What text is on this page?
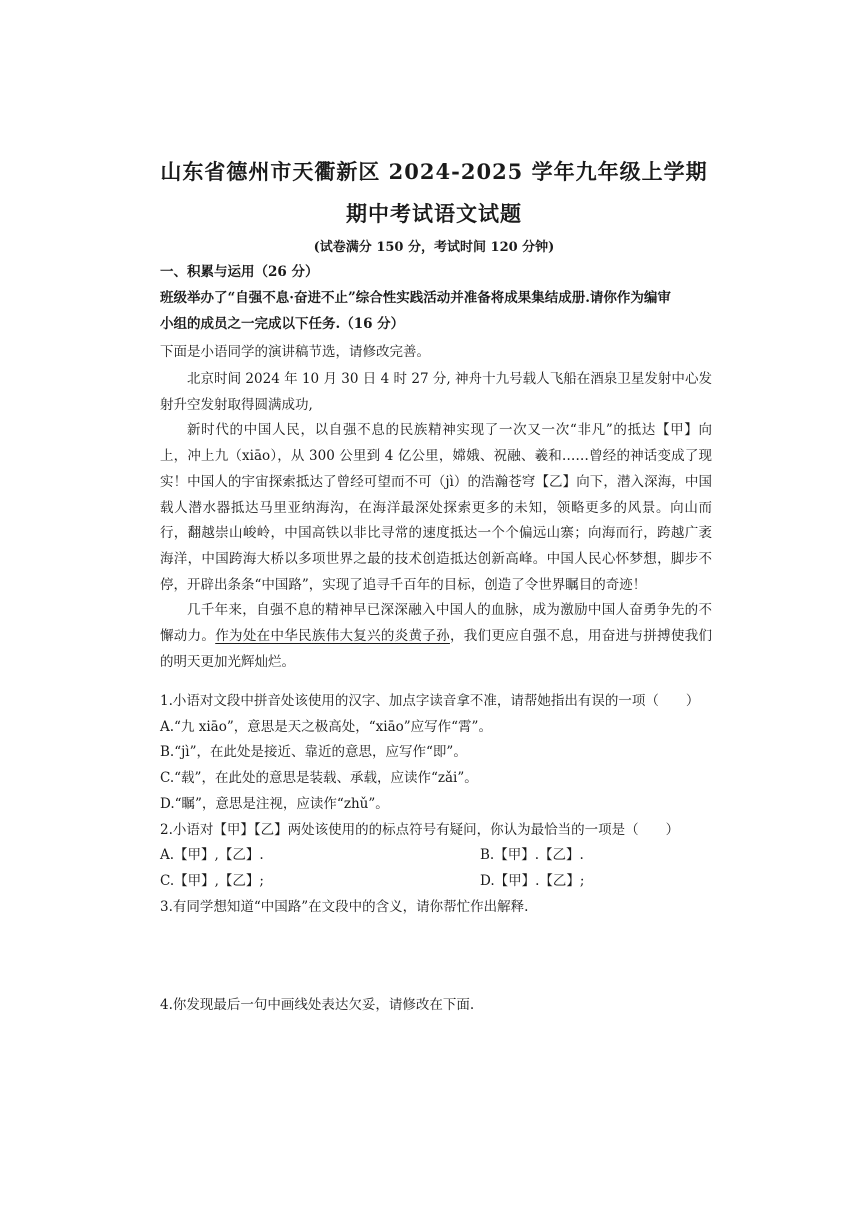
山东省德州市天衢新区 2024-2025 学年九年级上学期
期中考试语文试题
(试卷满分 150 分，考试时间 120 分钟)
一、积累与运用（26 分）
班级举办了“自强不息·奋进不止”综合性实践活动并准备将成果集结成册.请你作为编审
小组的成员之一完成以下任务.（16 分）
下面是小语同学的演讲稿节选，请修改完善。

北京时间 2024 年 10 月 30 日 4 时 27 分, 神舟十九号载人飞船在酒泉卫星发射中心发射升空发射取得圆满成功,

新时代的中国人民，以自强不息的民族精神实现了一次又一次“非凡”的抵达【甲】向上，冲上九（xiāo），从 300 公里到 4 亿公里，嫦娥、祝融、羲和……曾经的神话变成了现实！中国人的宇宙探索抵达了曾经可望而不可（jì）的浩瀚苍穹【乙】向下，潜入深海，中国载人潜水器抵达马里亚纳海沟，在海洋最深处探索更多的未知，领略更多的风景。向山而行，翻越崇山峻岭，中国高铁以非比寻常的速度抵达一个个偏远山寨；向海而行，跨越广袤海洋，中国跨海大桥以多项世界之最的技术创造抵达创新高峰。中国人民心怀梦想，脚步不停，开辟出条条“中国路”，实现了追寻千百年的目标，创造了令世界瞩目的奇迹！

几千年来，自强不息的精神早已深深融入中国人的血脉，成为激励中国人奋勇争先的不懈动力。作为处在中华民族伟大复兴的炎黄子孙，我们更应自强不息，用奋进与拼搏使我们的明天更加光辉灿烂。

1.小语对文段中拼音处该使用的汉字、加点字读音拿不准，请帮她指出有误的一项（　　）

A.“九 xiāo”，意思是天之极高处，“xiāo”应写作“霄”。

B.“jì”，在此处是接近、靠近的意思，应写作“即”。

C.“载”，在此处的意思是装载、承载，应读作“zǎi”。

D.“瞩”，意思是注视，应读作“zhǔ”。

2.小语对【甲】【乙】两处该使用的的标点符号有疑问，你认为最恰当的一项是（　　）

A.【甲】,【乙】.	B.【甲】.【乙】.
C.【甲】,【乙】;	D.【甲】.【乙】;

3.有同学想知道“中国路”在文段中的含义，请你帮忙作出解释.

4.你发现最后一句中画线处表达欠妥，请修改在下面.
